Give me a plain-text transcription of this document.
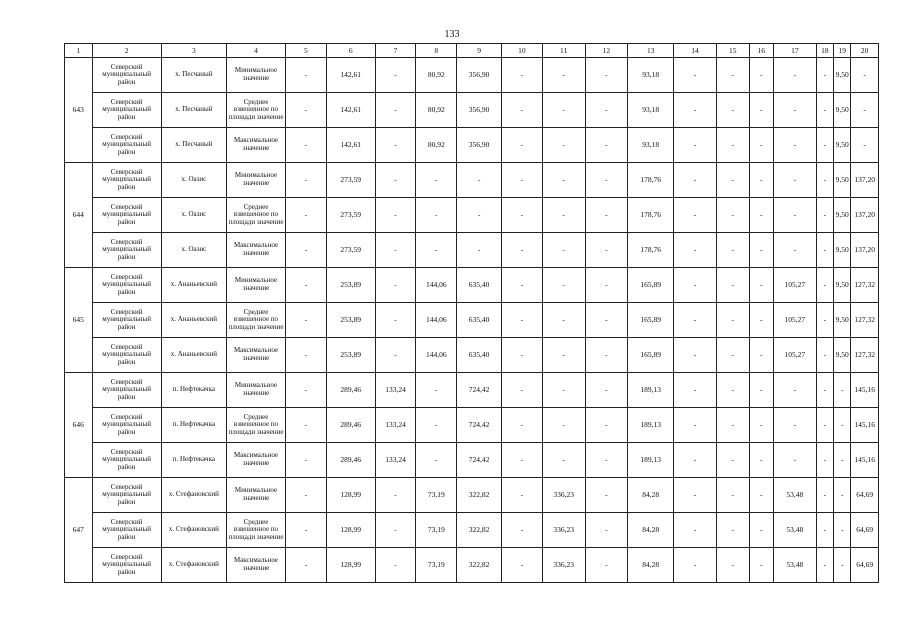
133
1	2	3	4	5	6	7	8	9	10	11	12	13	14	15	16	17	18	19	20
643	Северский муниципальный район	х. Песчаный	Минимальное значение	-	142,61	-	80,92	356,90	-	-	-	93,18	-	-	-	-	-	9,50	-
	Северский муниципальный район	х. Песчаный	Среднее взвешенное по площади значение	-	142,61	-	80,92	356,90	-	-	-	93,18	-	-	-	-	-	9,50	-
	Северский муниципальный район	х. Песчаный	Максимальное значение	-	142,61	-	80,92	356,90	-	-	-	93,18	-	-	-	-	-	9,50	-
644	Северский муниципальный район	х. Оазис	Минимальное значение	-	273,59	-	-	-	-	-	-	178,76	-	-	-	-	-	9,50	137,20
	Северский муниципальный район	х. Оазис	Среднее взвешенное по площади значение	-	273,59	-	-	-	-	-	-	178,76	-	-	-	-	-	9,50	137,20
	Северский муниципальный район	х. Оазис	Максимальное значение	-	273,59	-	-	-	-	-	-	178,76	-	-	-	-	-	9,50	137,20
645	Северский муниципальный район	х. Ананьевский	Минимальное значение	-	253,89	-	144,06	635,40	-	-	-	165,89	-	-	-	105,27	-	9,50	127,32
	Северский муниципальный район	х. Ананьевский	Среднее взвешенное по площади значение	-	253,89	-	144,06	635,40	-	-	-	165,89	-	-	-	105,27	-	9,50	127,32
	Северский муниципальный район	х. Ананьевский	Максимальное значение	-	253,89	-	144,06	635,40	-	-	-	165,89	-	-	-	105,27	-	9,50	127,32
646	Северский муниципальный район	п. Нефтекачка	Минимальное значение	-	289,46	133,24	-	724,42	-	-	-	189,13	-	-	-	-	-	-	145,16
	Северский муниципальный район	п. Нефтекачка	Среднее взвешенное по площади значение	-	289,46	133,24	-	724,42	-	-	-	189,13	-	-	-	-	-	-	145,16
	Северский муниципальный район	п. Нефтекачка	Максимальное значение	-	289,46	133,24	-	724,42	-	-	-	189,13	-	-	-	-	-	-	145,16
647	Северский муниципальный район	х. Стефановский	Минимальное значение	-	128,99	-	73,19	322,82	-	336,23	-	84,28	-	-	-	53,48	-	-	64,69
	Северский муниципальный район	х. Стефановский	Среднее взвешенное по площади значение	-	128,99	-	73,19	322,82	-	336,23	-	84,28	-	-	-	53,48	-	-	64,69
	Северский муниципальный район	х. Стефановский	Максимальное значение	-	128,99	-	73,19	322,82	-	336,23	-	84,28	-	-	-	53,48	-	-	64,69
